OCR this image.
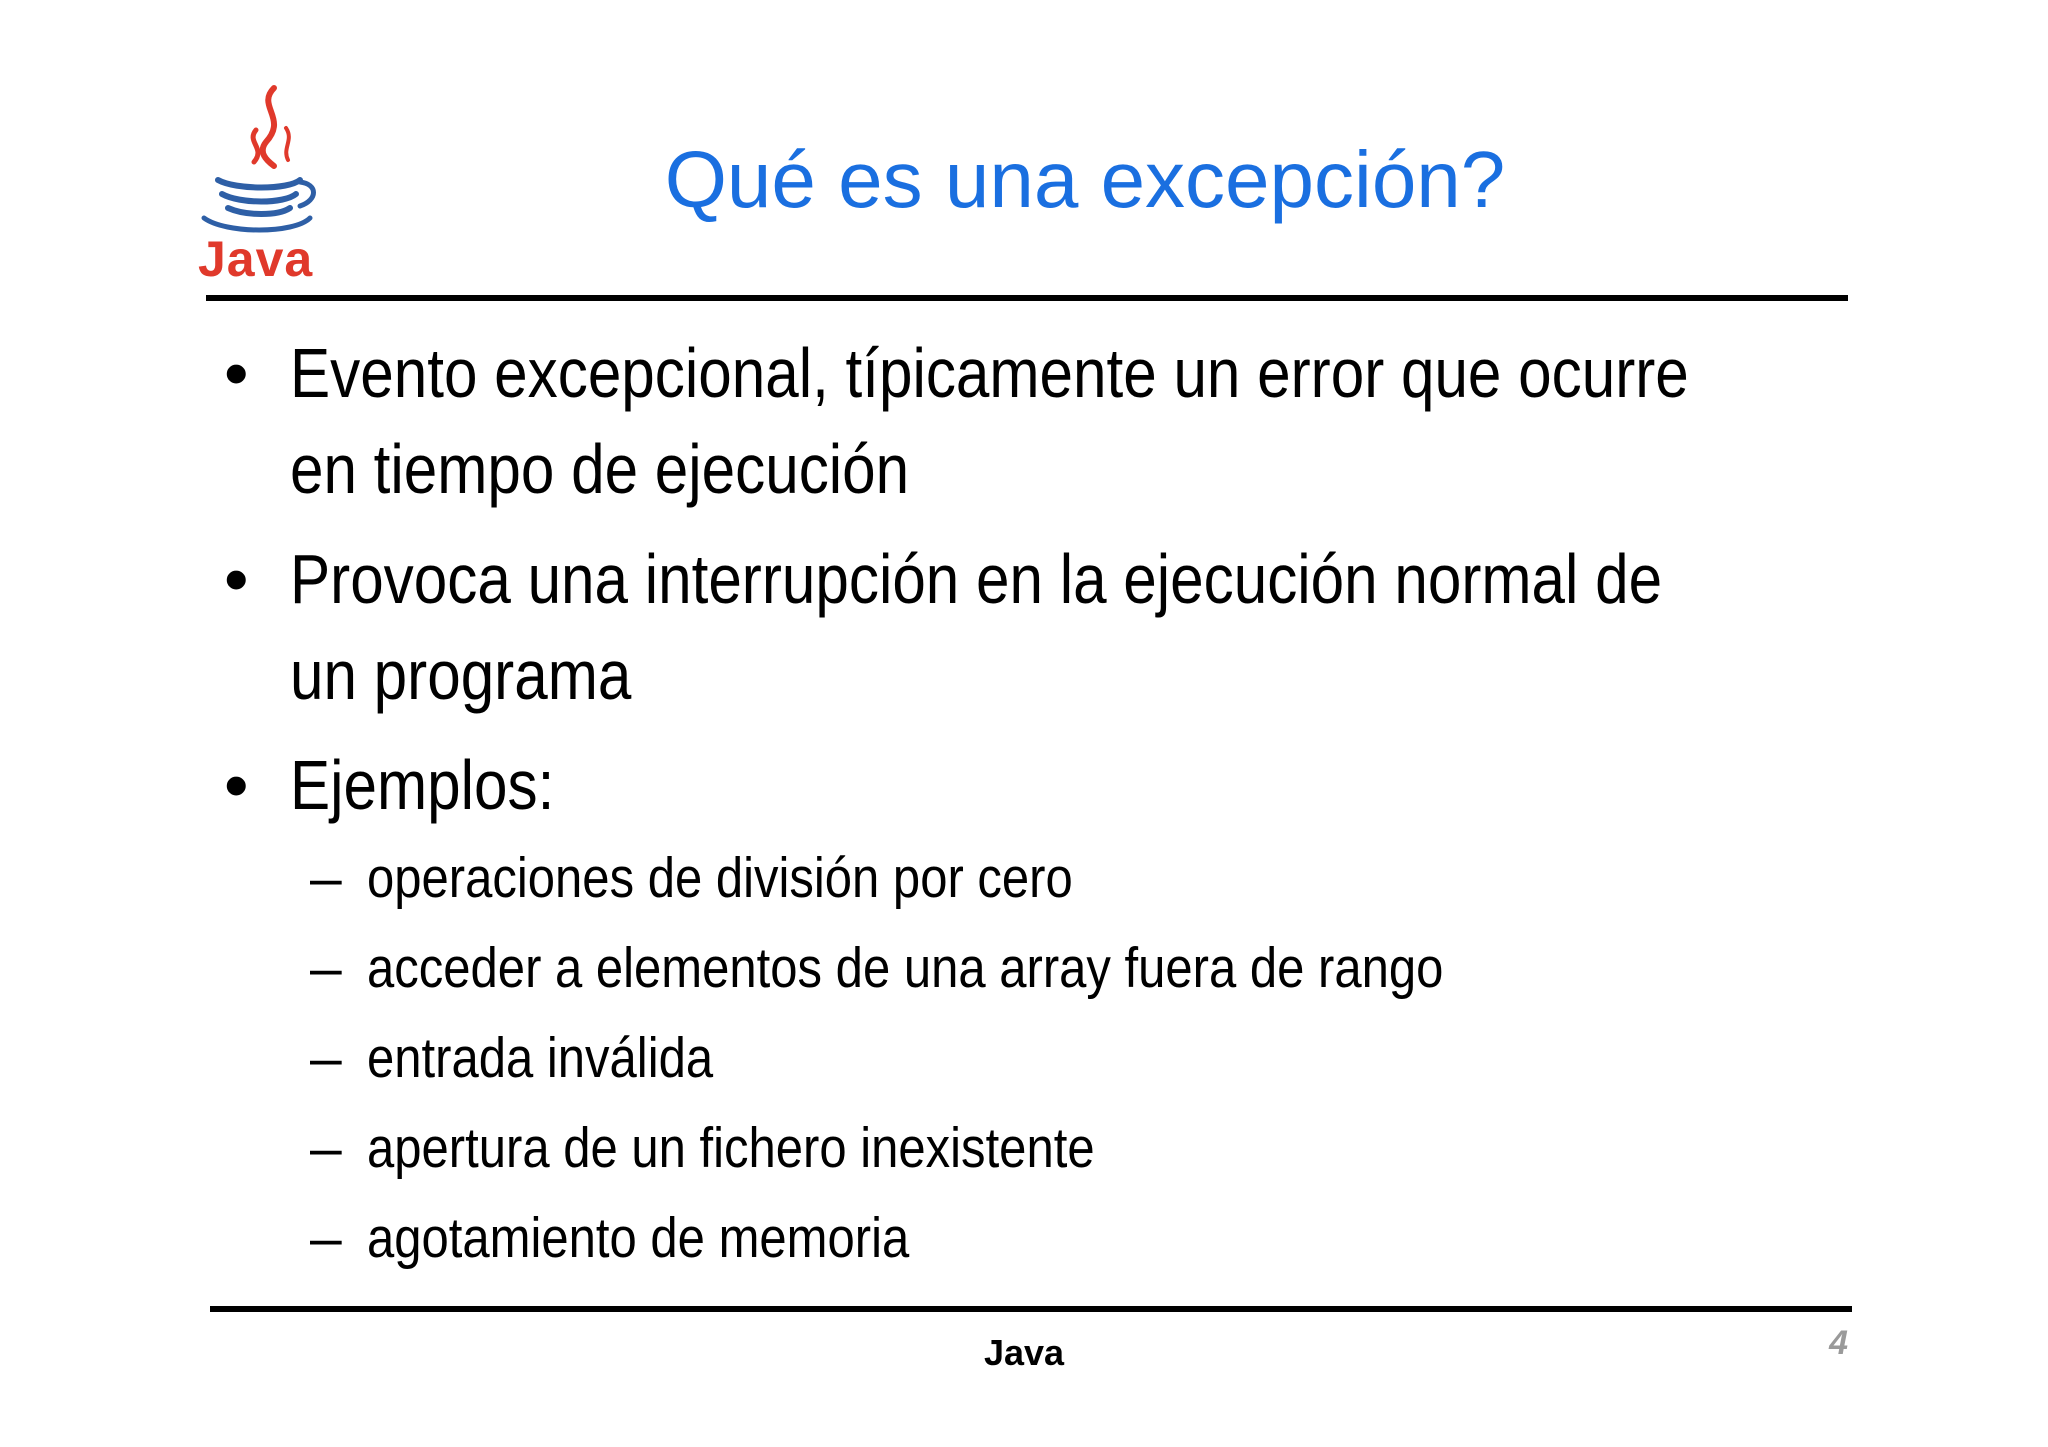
Java
Qué es una excepción?
• Evento excepcional, típicamente un error que ocurre
en tiempo de ejecución
• Provoca una interrupción en la ejecución normal de
un programa
• Ejemplos:
– operaciones de división por cero
– acceder a elementos de una array fuera de rango
– entrada inválida
– apertura de un fichero inexistente
– agotamiento de memoria
Java	4
